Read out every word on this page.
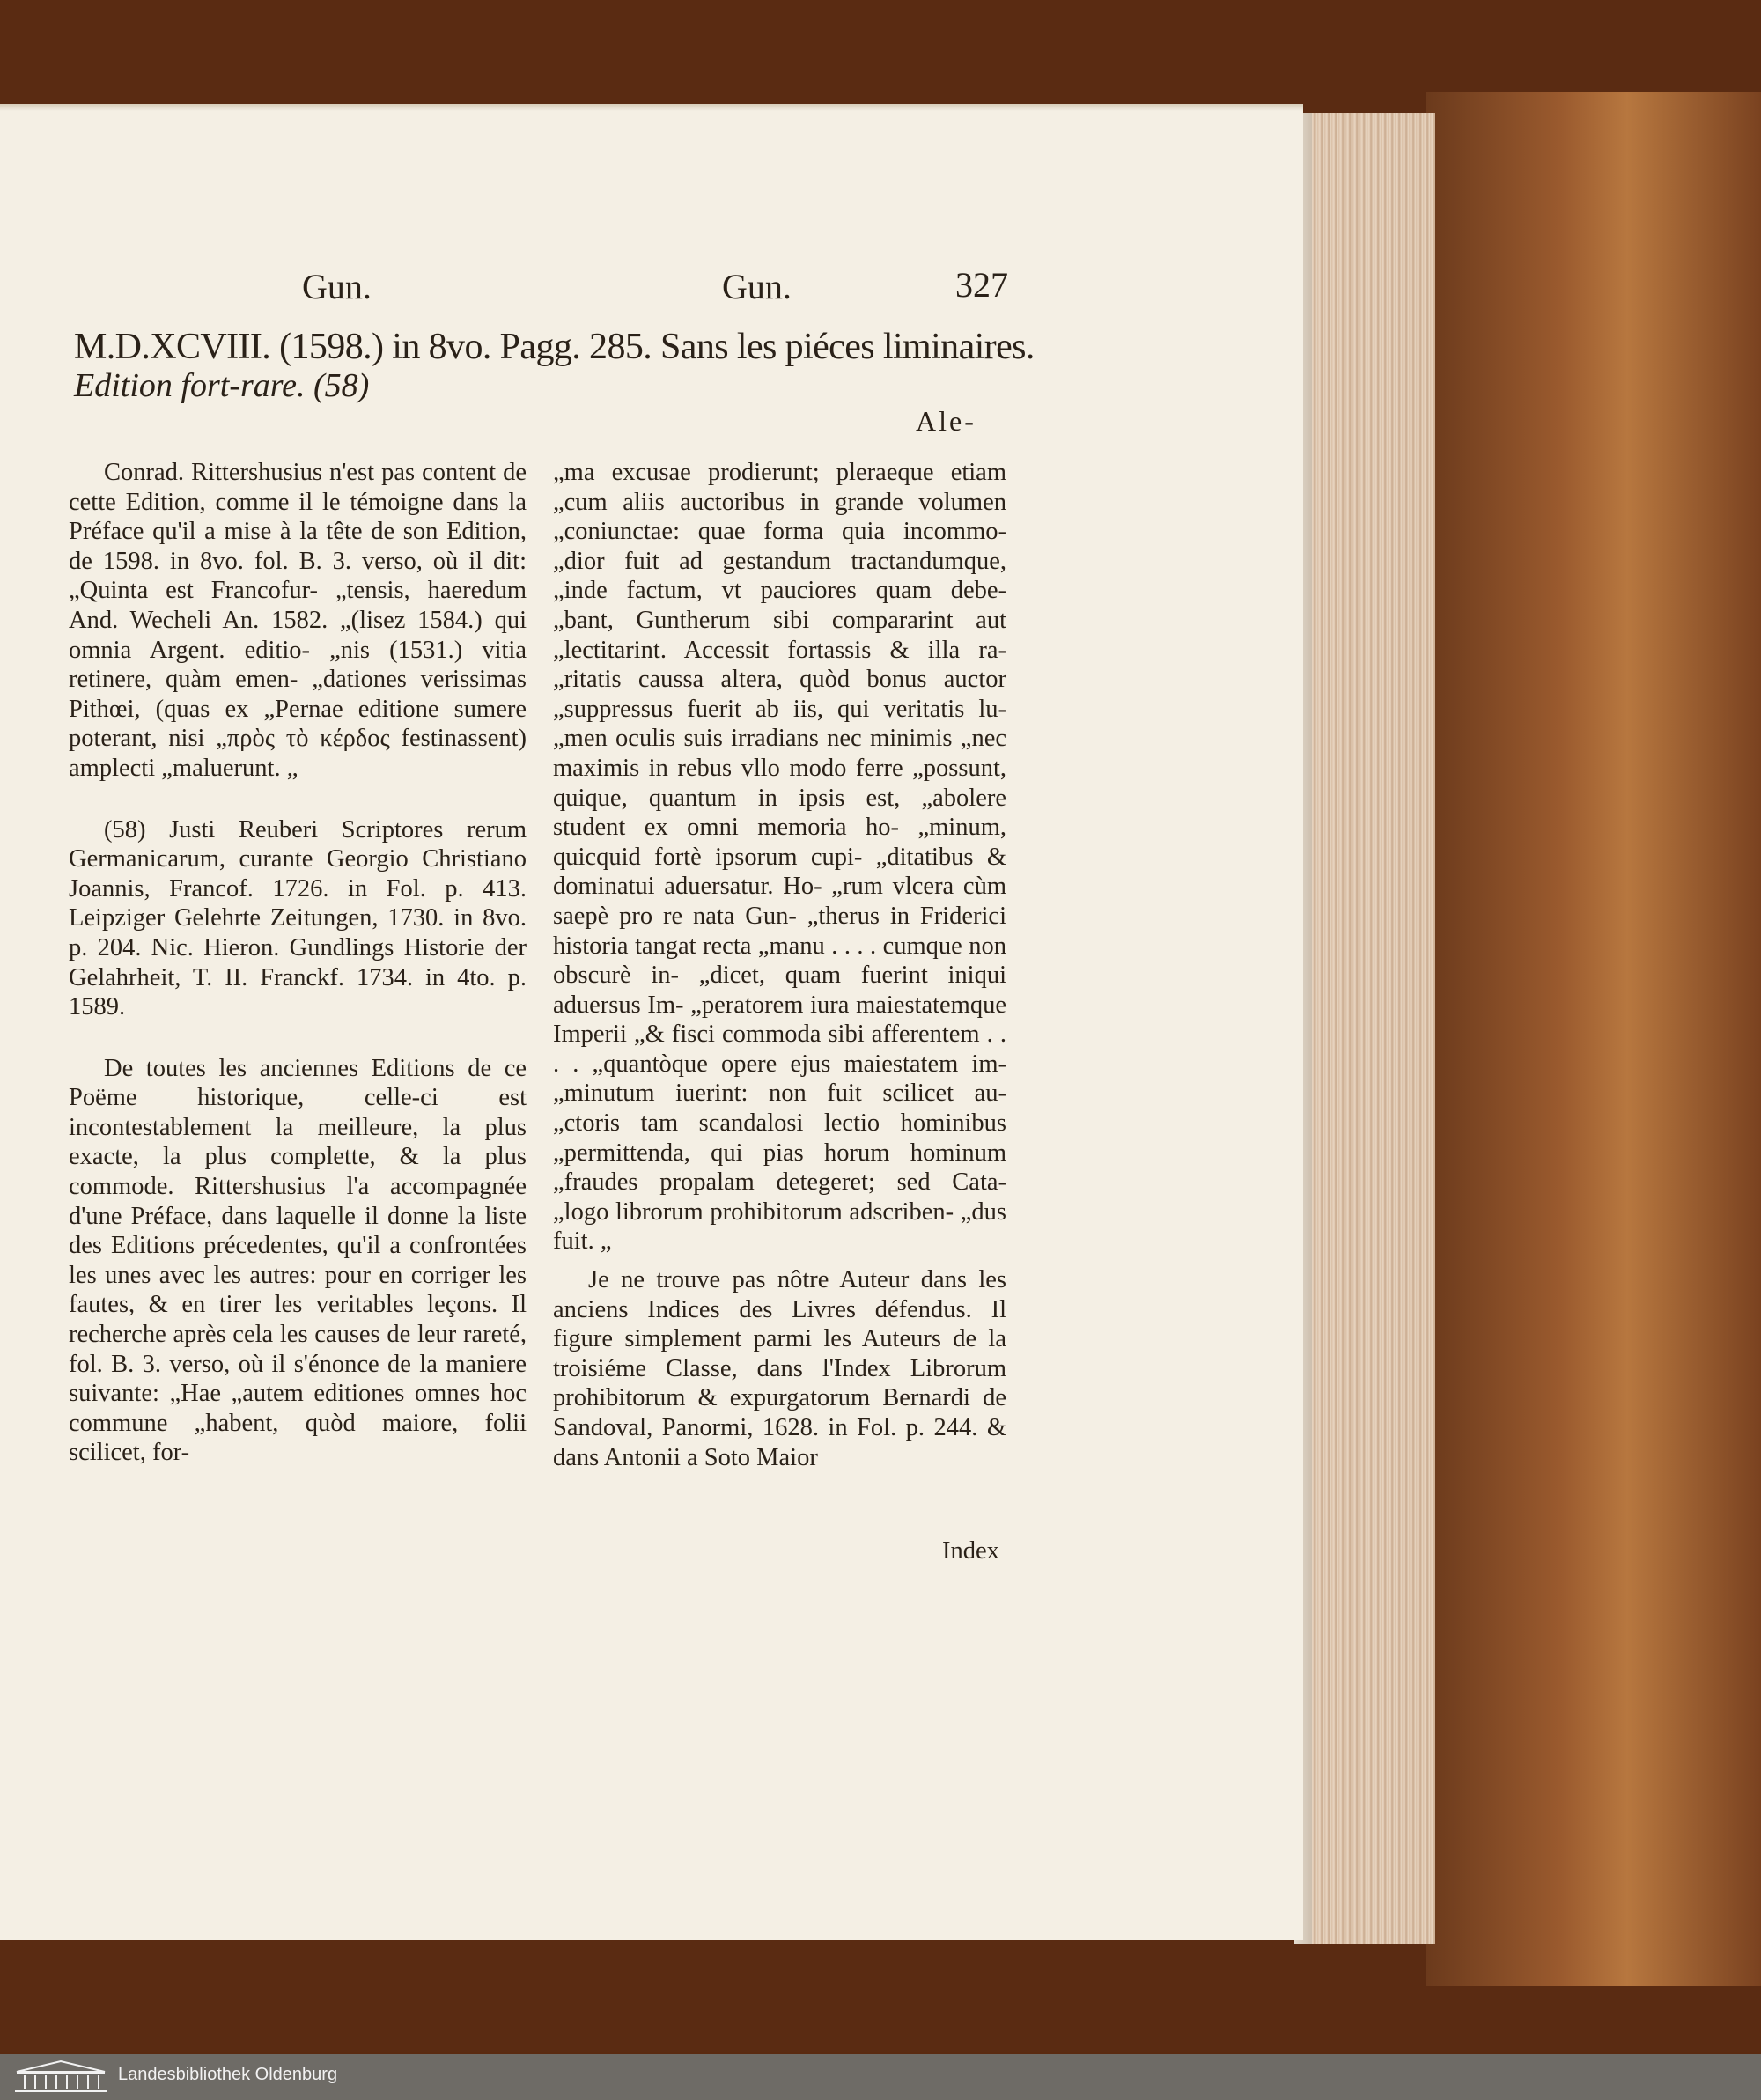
Gun.	Gun.	327
M.D.XCVIII. (1598.) in 8vo. Pagg. 285. Sans les piéces liminaires.
Edition fort-rare. (58)
Ale-

Conrad. Rittershusius n'est pas content de cette Edition, comme il le témoigne dans la Préface qu'il a mise à la tête de son Edition, de 1598. in 8vo. fol. B. 3. verso, où il dit: „Quinta est Francofur- „tensis, haeredum And. Wecheli An. 1582. „(lisez 1584.) qui omnia Argent. editio- „nis (1531.) vitia retinere, quàm emen- „dationes verissimas Pithœi, (quas ex „Pernae editione sumere poterant, nisi „πρὸς τὸ κέρδος festinassent) amplecti „maluerunt. „

(58) Justi Reuberi Scriptores rerum Germanicarum, curante Georgio Christiano Joannis, Francof. 1726. in Fol. p. 413. Leipziger Gelehrte Zeitungen, 1730. in 8vo. p. 204. Nic. Hieron. Gundlings Historie der Gelahrheit, T. II. Franckf. 1734. in 4to. p. 1589.

De toutes les anciennes Editions de ce Poëme historique, celle-ci est incontestablement la meilleure, la plus exacte, la plus complette, & la plus commode. Rittershusius l'a accompagnée d'une Préface, dans laquelle il donne la liste des Editions précedentes, qu'il a confrontées les unes avec les autres: pour en corriger les fautes, & en tirer les veritables leçons. Il recherche après cela les causes de leur rareté, fol. B. 3. verso, où il s'énonce de la maniere suivante: „Hae „autem editiones omnes hoc commune „habent, quòd maiore, folii scilicet, for-

„ma excusae prodierunt; pleraeque etiam „cum aliis auctoribus in grande volumen „coniunctae: quae forma quia incommo- „dior fuit ad gestandum tractandumque, „inde factum, vt pauciores quam debe- „bant, Guntherum sibi compararint aut „lectitarint. Accessit fortassis & illa ra- „ritatis caussa altera, quòd bonus auctor „suppressus fuerit ab iis, qui veritatis lu- „men oculis suis irradians nec minimis „nec maximis in rebus vllo modo ferre „possunt, quique, quantum in ipsis est, „abolere student ex omni memoria ho- „minum, quicquid fortè ipsorum cupi- „ditatibus & dominatui aduersatur. Ho- „rum vlcera cùm saepè pro re nata Gun- „therus in Friderici historia tangat recta „manu . . . . cumque non obscurè in- „dicet, quam fuerint iniqui aduersus Im- „peratorem iura maiestatemque Imperii „& fisci commoda sibi afferentem . . . . „quantòque opere ejus maiestatem im- „minutum iuerint: non fuit scilicet au- „ctoris tam scandalosi lectio hominibus „permittenda, qui pias horum hominum „fraudes propalam detegeret; sed Cata- „logo librorum prohibitorum adscriben- „dus fuit. „

Je ne trouve pas nôtre Auteur dans les anciens Indices des Livres défendus. Il figure simplement parmi les Auteurs de la troisiéme Classe, dans l'Index Librorum prohibitorum & expurgatorum Bernardi de Sandoval, Panormi, 1628. in Fol. p. 244. & dans Antonii a Soto Maior

Index
Landesbibliothek Oldenburg
